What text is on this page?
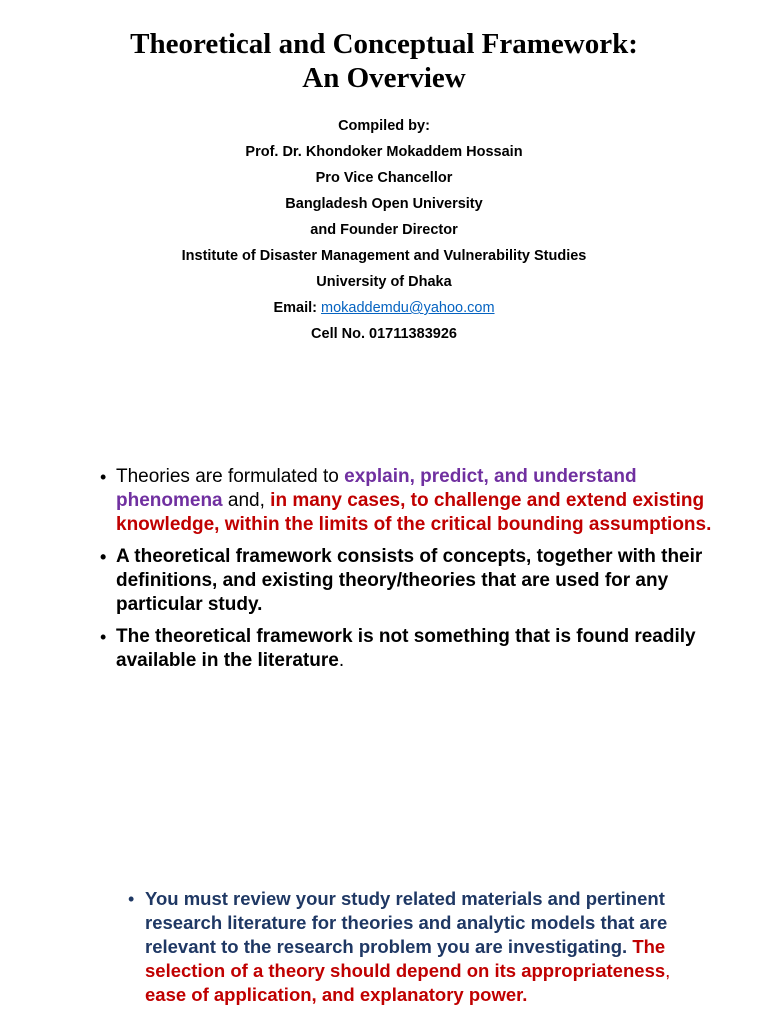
Theoretical and Conceptual Framework:
An Overview
Compiled by:
Prof. Dr. Khondoker Mokaddem Hossain
Pro Vice Chancellor
Bangladesh Open University
and Founder Director
Institute of Disaster Management and Vulnerability Studies
University of Dhaka
Email: mokaddemdu@yahoo.com
Cell No. 01711383926
• Theories are formulated to explain, predict, and understand phenomena and, in many cases, to challenge and extend existing knowledge, within the limits of the critical bounding assumptions.
• A theoretical framework consists of concepts, together with their definitions, and existing theory/theories that are used for any particular study.
• The theoretical framework is not something that is found readily available in the literature.
• You must review your study related materials and pertinent research literature for theories and analytic models that are relevant to the research problem you are investigating. The selection of a theory should depend on its appropriateness, ease of application, and explanatory power.
